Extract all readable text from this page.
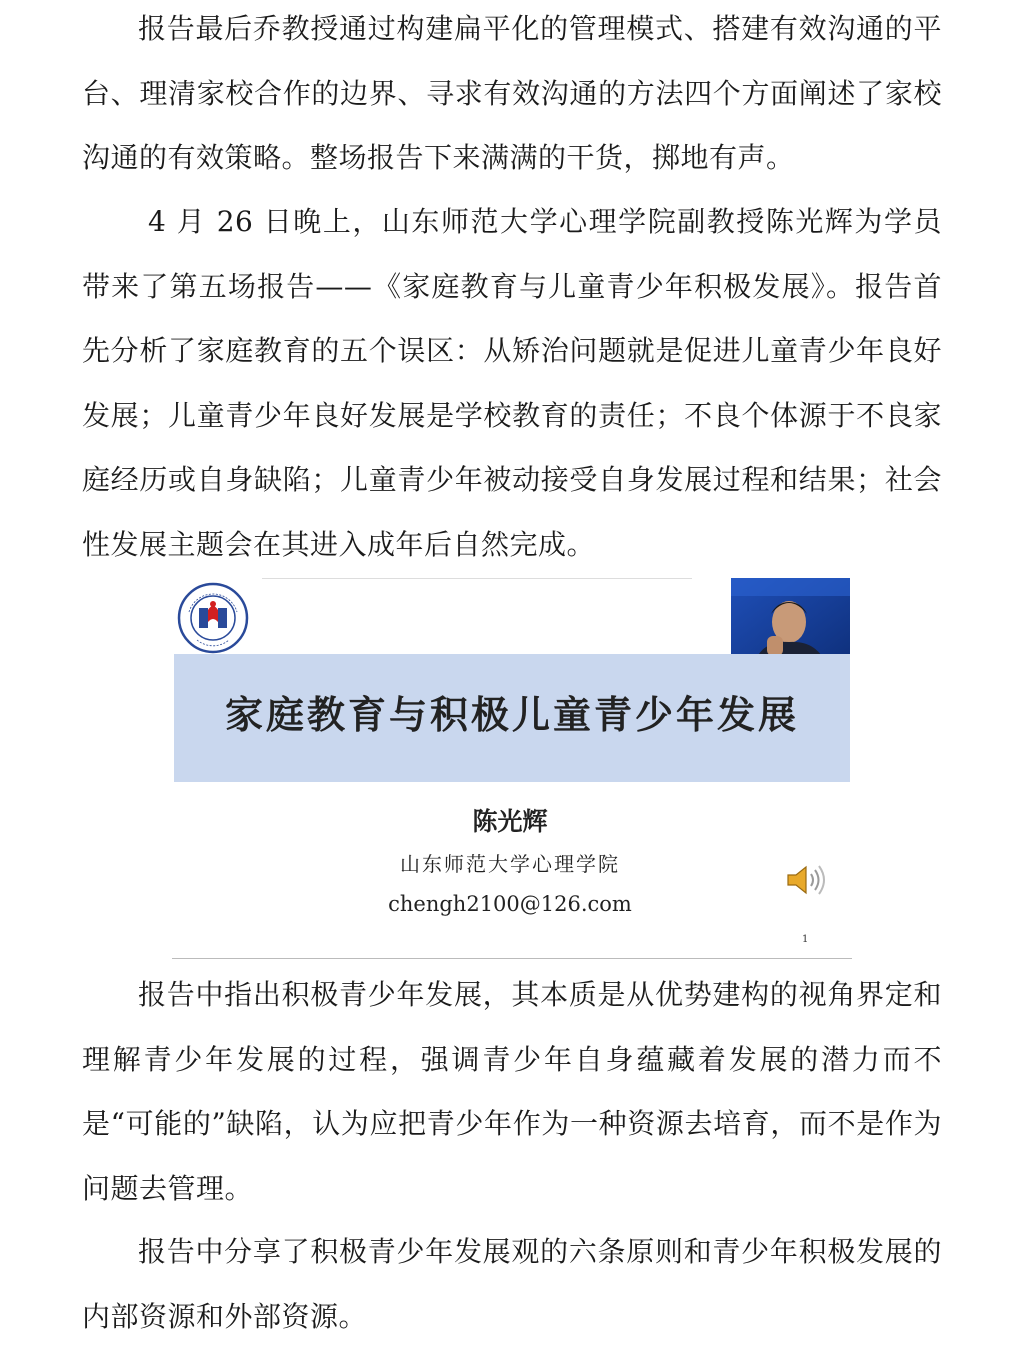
报告最后乔教授通过构建扁平化的管理模式、搭建有效沟通的平台、理清家校合作的边界、寻求有效沟通的方法四个方面阐述了家校沟通的有效策略。整场报告下来满满的干货，掷地有声。

4 月 26 日晚上，山东师范大学心理学院副教授陈光辉为学员带来了第五场报告——《家庭教育与儿童青少年积极发展》。报告首先分析了家庭教育的五个误区：从矫治问题就是促进儿童青少年良好发展；儿童青少年良好发展是学校教育的责任；不良个体源于不良家庭经历或自身缺陷；儿童青少年被动接受自身发展过程和结果；社会性发展主题会在其进入成年后自然完成。

家庭教育与积极儿童青少年发展
陈光辉
山东师范大学心理学院
chengh2100@126.com
1

报告中指出积极青少年发展，其本质是从优势建构的视角界定和理解青少年发展的过程，强调青少年自身蕴藏着发展的潜力而不是“可能的”缺陷，认为应把青少年作为一种资源去培育，而不是作为问题去管理。

报告中分享了积极青少年发展观的六条原则和青少年积极发展的内部资源和外部资源。
